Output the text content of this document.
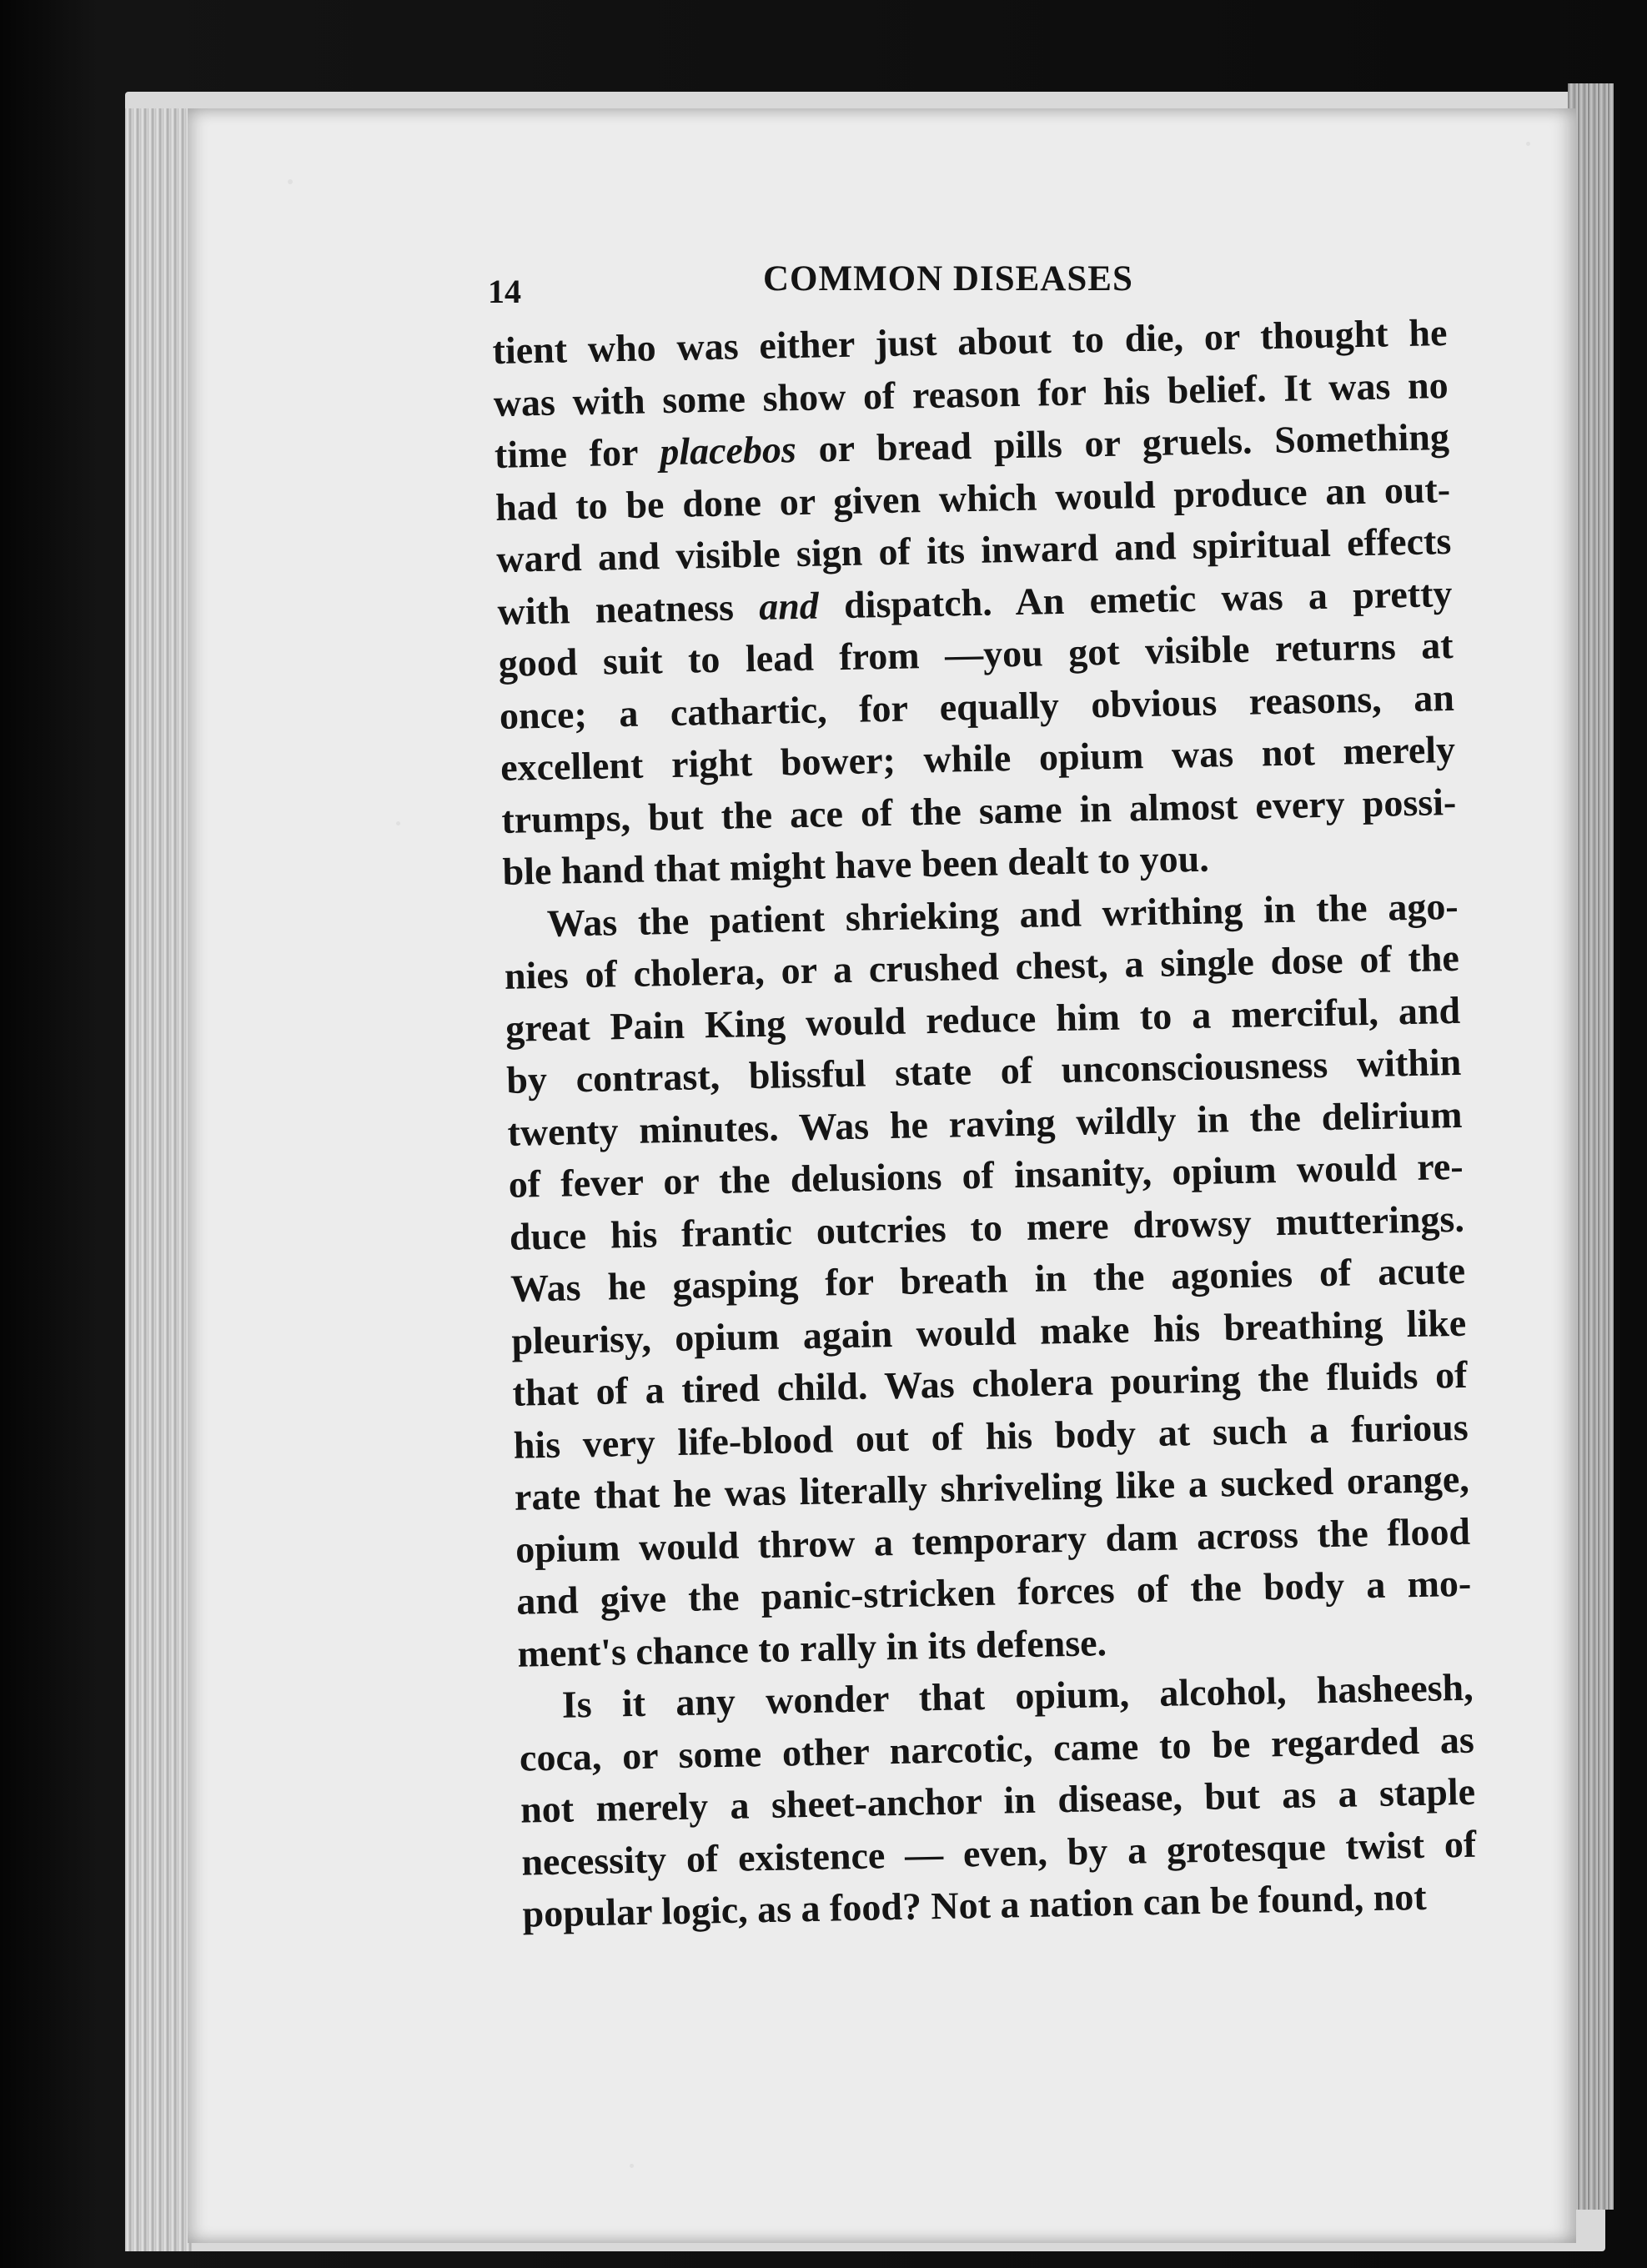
14	COMMON DISEASES
tient who was either just about to die, or thought he
was with some show of reason for his belief. It was no
time for placebos or bread pills or gruels. Something
had to be done or given which would produce an out-
ward and visible sign of its inward and spiritual effects
with neatness and dispatch. An emetic was a pretty
good suit to lead from —you got visible returns at
once; a cathartic, for equally obvious reasons, an
excellent right bower; while opium was not merely
trumps, but the ace of the same in almost every possi-
ble hand that might have been dealt to you.
Was the patient shrieking and writhing in the ago-
nies of cholera, or a crushed chest, a single dose of the
great Pain King would reduce him to a merciful, and
by contrast, blissful state of unconsciousness within
twenty minutes. Was he raving wildly in the delirium
of fever or the delusions of insanity, opium would re-
duce his frantic outcries to mere drowsy mutterings.
Was he gasping for breath in the agonies of acute
pleurisy, opium again would make his breathing like
that of a tired child. Was cholera pouring the fluids of
his very life-blood out of his body at such a furious
rate that he was literally shriveling like a sucked orange,
opium would throw a temporary dam across the flood
and give the panic-stricken forces of the body a mo-
ment's chance to rally in its defense.
Is it any wonder that opium, alcohol, hasheesh,
coca, or some other narcotic, came to be regarded as
not merely a sheet-anchor in disease, but as a staple
necessity of existence — even, by a grotesque twist of
popular logic, as a food? Not a nation can be found, not
